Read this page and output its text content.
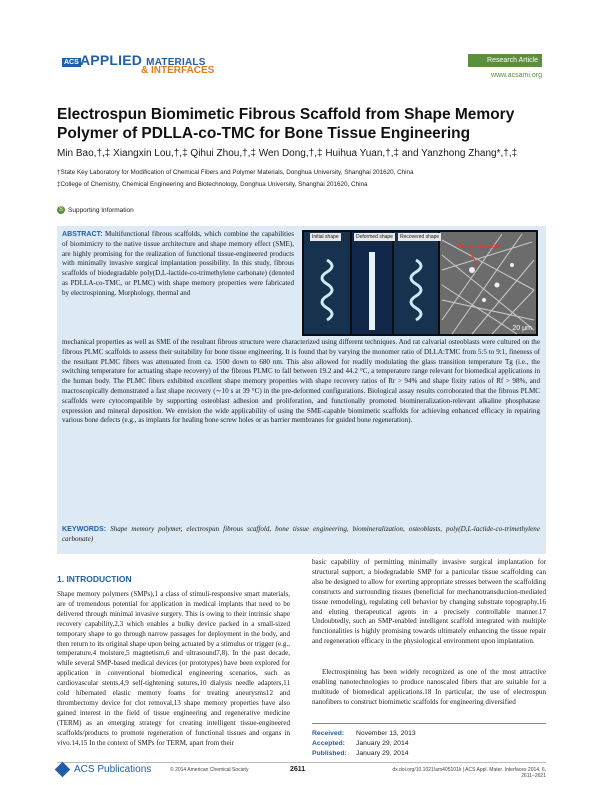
ACS APPLIED MATERIALS
& INTERFACES
Research Article
www.acsami.org
Electrospun Biomimetic Fibrous Scaffold from Shape Memory Polymer of PDLLA-co-TMC for Bone Tissue Engineering
Min Bao,†,‡ Xiangxin Lou,†,‡ Qihui Zhou,†,‡ Wen Dong,†,‡ Huihua Yuan,†,‡ and Yanzhong Zhang*,†,‡
†State Key Laboratory for Modification of Chemical Fibers and Polymer Materials, Donghua University, Shanghai 201620, China
‡College of Chemistry, Chemical Engineering and Biotechnology, Donghua University, Shanghai 201620, China
S Supporting Information
ABSTRACT: Multifunctional fibrous scaffolds, which combine the capabilities of biomimicry to the native tissue architecture and shape memory effect (SME), are highly promising for the realization of functional tissue-engineered products with minimally invasive surgical implantation possibility. In this study, fibrous scaffolds of biodegradable poly(D,L-lactide-co-trimethylene carbonate) (denoted as PDLLA-co-TMC, or PLMC) with shape memory properties were fabricated by electrospinning. Morphology, thermal and
Initial shape	Deformed shape	Recovered shape
Mineral deposits
20 μm
mechanical properties as well as SME of the resultant fibrous structure were characterized using different techniques. And rat calvarial osteoblasts were cultured on the fibrous PLMC scaffolds to assess their suitability for bone tissue engineering. It is found that by varying the monomer ratio of DLLA:TMC from 5:5 to 9:1, fineness of the resultant PLMC fibers was attenuated from ca. 1500 down to 680 nm. This also allowed for readily modulating the glass transition temperature Tg (i.e., the switching temperature for actuating shape recovery) of the fibrous PLMC to fall between 19.2 and 44.2 °C, a temperature range relevant for biomedical applications in the human body. The PLMC fibers exhibited excellent shape memory properties with shape recovery ratios of Rr > 94% and shape fixity ratios of Rf > 98%, and macroscopically demonstrated a fast shape recovery (∼10 s at 39 °C) in the pre-deformed configurations. Biological assay results corroborated that the fibrous PLMC scaffolds were cytocompatible by supporting osteoblast adhesion and proliferation, and functionally promoted biomineralization-relevant alkaline phosphatase expression and mineral deposition. We envision the wide applicability of using the SME-capable biomimetic scaffolds for achieving enhanced efficacy in repairing various bone defects (e.g., as implants for healing bone screw holes or as barrier membranes for guided bone regeneration).
KEYWORDS: Shape memory polymer, electrospun fibrous scaffold, bone tissue engineering, biomineralization, osteoblasts, poly(D,L-lactide-co-trimethylene carbonate)
1. INTRODUCTION

Shape memory polymers (SMPs),1 a class of stimuli-responsive smart materials, are of tremendous potential for application in medical implants that need to be delivered through minimal invasive surgery. This is owing to their intrinsic shape recovery capability,2,3 which enables a bulky device packed in a small-sized temporary shape to go through narrow passages for deployment in the body, and then return to its original shape upon being actuated by a stimulus or trigger (e.g., temperature,4 moisture,5 magnetism,6 and ultrasound7,8). In the past decade, while several SMP-based medical devices (or prototypes) have been explored for application in conventional biomedical engineering scenarios, such as cardiovascular stents,4,9 self-tightening sutures,10 dialysis needle adapters,11 cold hibernated elastic memory foams for treating aneurysms12 and thrombectomy device for clot removal,13 shape memory properties have also gained interest in the field of tissue engineering and regenerative medicine (TERM) as an emerging strategy for creating intelligent tissue-engineered scaffolds/products to promote regeneration of functional tissues and organs in vivo.14,15 In the context of SMPs for TERM, apart from their

basic capability of permitting minimally invasive surgical implantation for structural support, a biodegradable SMP for a particular tissue scaffolding can also be designed to allow for exerting appropriate stresses between the scaffolding constructs and surrounding tissues (beneficial for mechanotransduction-mediated tissue remodeling), regulating cell behavior by changing substrate topography,16 and eluting therapeutical agents in a precisely controllable manner.17 Undoubtedly, such an SMP-enabled intelligent scaffold integrated with multiple functionalities is highly promising towards ultimately enhancing the tissue repair and regeneration efficacy in the physiological environment upon implantation.

Electrospinning has been widely recognized as one of the most attractive enabling nanotechnologies to produce nanoscaled fibers that are suitable for a multitude of biomedical applications.18 In particular, the use of electrospun nanofibers to construct biomimetic scaffolds for engineering diversified

Received: November 13, 2013
Accepted: January 29, 2014
Published: January 29, 2014
ACS Publications	© 2014 American Chemical Society	2611	dx.doi.org/10.1021/am405101k | ACS Appl. Mater. Interfaces 2014, 6, 2611−2621
